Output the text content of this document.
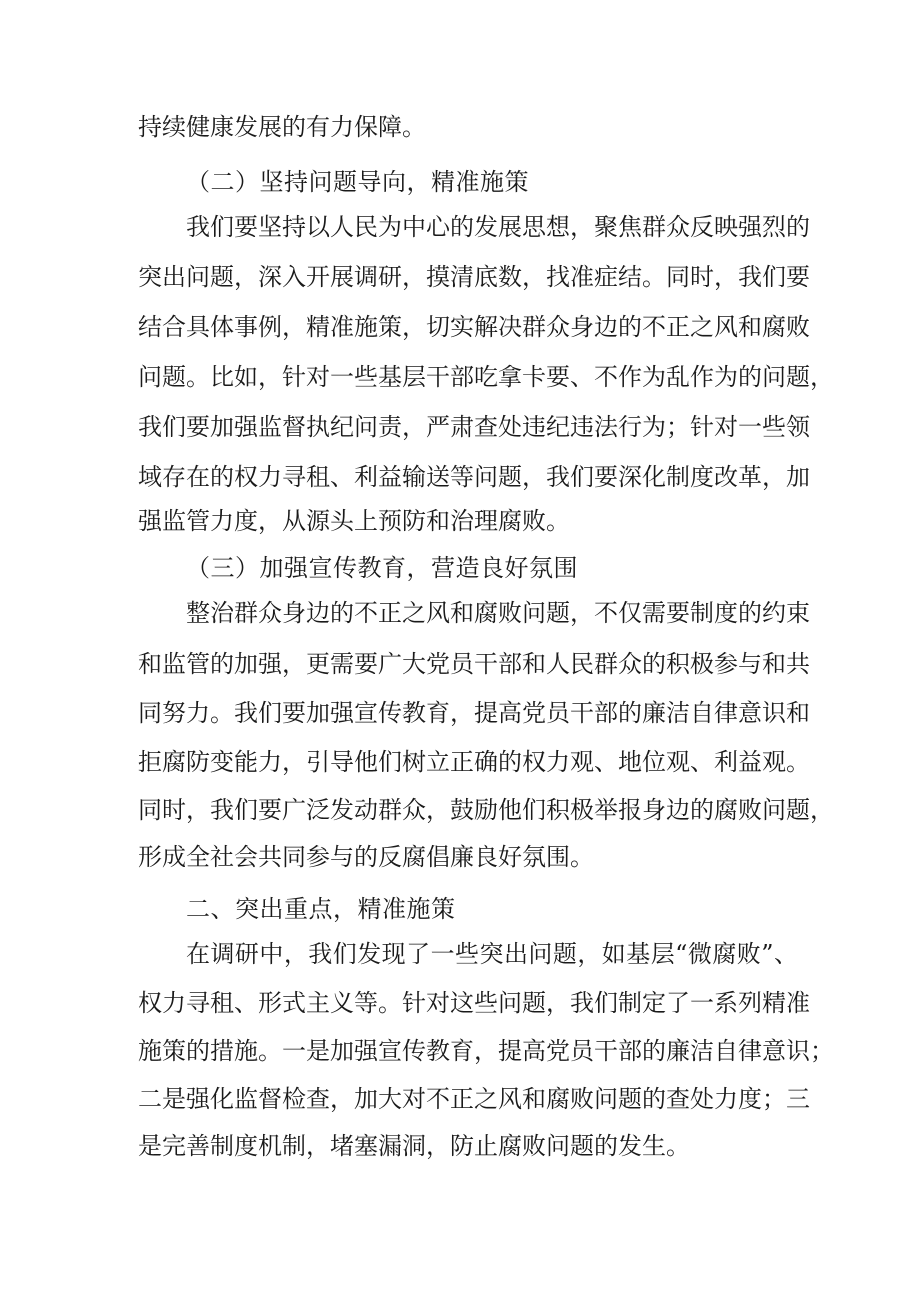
持续健康发展的有力保障。
（二）坚持问题导向，精准施策
我们要坚持以人民为中心的发展思想，聚焦群众反映强烈的
突出问题，深入开展调研，摸清底数，找准症结。同时，我们要
结合具体事例，精准施策，切实解决群众身边的不正之风和腐败
问题。比如，针对一些基层干部吃拿卡要、不作为乱作为的问题，
我们要加强监督执纪问责，严肃查处违纪违法行为；针对一些领
域存在的权力寻租、利益输送等问题，我们要深化制度改革，加
强监管力度，从源头上预防和治理腐败。
（三）加强宣传教育，营造良好氛围
整治群众身边的不正之风和腐败问题，不仅需要制度的约束
和监管的加强，更需要广大党员干部和人民群众的积极参与和共
同努力。我们要加强宣传教育，提高党员干部的廉洁自律意识和
拒腐防变能力，引导他们树立正确的权力观、地位观、利益观。
同时，我们要广泛发动群众，鼓励他们积极举报身边的腐败问题，
形成全社会共同参与的反腐倡廉良好氛围。
二、突出重点，精准施策
在调研中，我们发现了一些突出问题，如基层“微腐败”、
权力寻租、形式主义等。针对这些问题，我们制定了一系列精准
施策的措施。一是加强宣传教育，提高党员干部的廉洁自律意识；
二是强化监督检查，加大对不正之风和腐败问题的查处力度；三
是完善制度机制，堵塞漏洞，防止腐败问题的发生。
